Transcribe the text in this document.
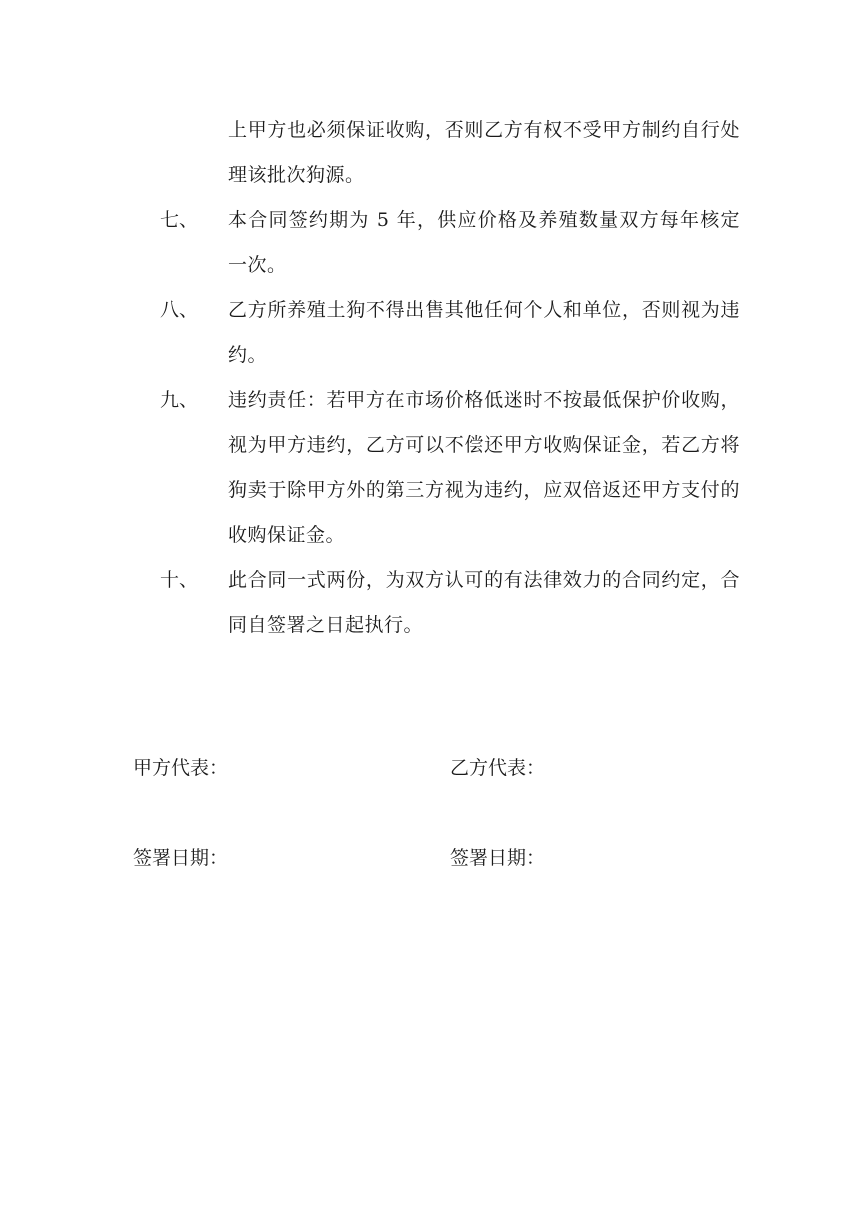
上甲方也必须保证收购，否则乙方有权不受甲方制约自行处理该批次狗源。
七、	本合同签约期为 5 年，供应价格及养殖数量双方每年核定一次。
八、	乙方所养殖土狗不得出售其他任何个人和单位，否则视为违约。
九、	违约责任：若甲方在市场价格低迷时不按最低保护价收购，视为甲方违约，乙方可以不偿还甲方收购保证金，若乙方将狗卖于除甲方外的第三方视为违约，应双倍返还甲方支付的收购保证金。
十、	此合同一式两份，为双方认可的有法律效力的合同约定，合同自签署之日起执行。
甲方代表：	乙方代表：
签署日期：	签署日期：
